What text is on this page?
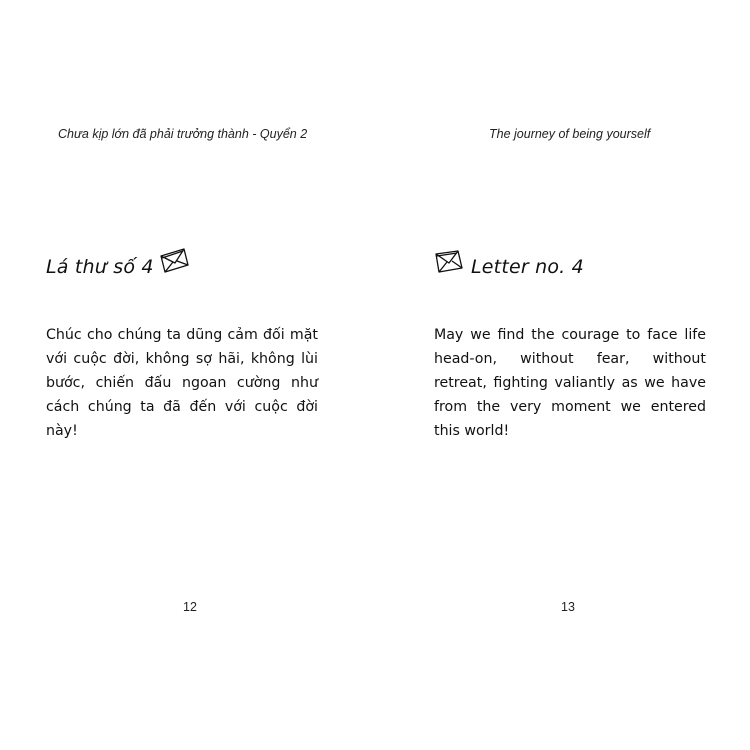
Chưa kịp lớn đã phải trưởng thành - Quyển 2

Lá thư số 4

Chúc cho chúng ta dũng cảm đối mặt với cuộc đời, không sợ hãi, không lùi bước, chiến đấu ngoan cường như cách chúng ta đã đến với cuộc đời này!

12

The journey of being yourself

Letter no. 4

May we find the courage to face life head-on, without fear, without retreat, fighting valiantly as we have from the very moment we entered this world!

13
